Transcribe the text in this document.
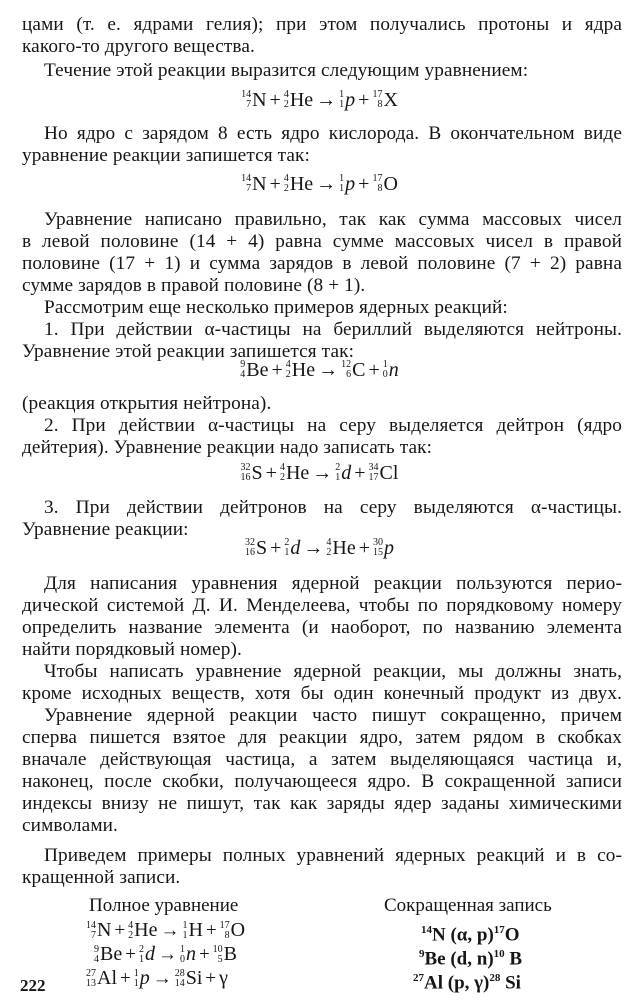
цами (т. е. ядрами гелия); при этом получались протоны и ядра
какого-то другого вещества.
Течение этой реакции выразится следующим уравнением:
14
7 N + 4
2 He → 1
1 p + 17
8 X
Но ядро с зарядом 8 есть ядро кислорода. В окончательном виде
уравнение реакции запишется так:
14
7 N + 4
2 He → 1
1 p + 17
8 O
Уравнение написано правильно, так как сумма массовых чисел
в левой половине (14 + 4) равна сумме массовых чисел в правой
половине (17 + 1) и сумма зарядов в левой половине (7 + 2) равна
сумме зарядов в правой половине (8 + 1).
Рассмотрим еще несколько примеров ядерных реакций:
1. При действии α-частицы на бериллий выделяются нейтроны.
Уравнение этой реакции запишется так:
9
4 Be + 4
2 He → 12
6 C + 1
0 n
(реакция открытия нейтрона).
2. При действии α-частицы на серу выделяется дейтрон (ядро
дейтерия). Уравнение реакции надо записать так:
32
16 S + 4
2 He → 2
1 d + 34
17 Cl
3. При действии дейтронов на серу выделяются α-частицы.
Уравнение реакции:
32
16 S + 2
1 d → 4
2 He + 30
15 p
Для написания уравнения ядерной реакции пользуются перио-
дической системой Д. И. Менделеева, чтобы по порядковому номеру
определить название элемента (и наоборот, по названию элемента
найти порядковый номер).
Чтобы написать уравнение ядерной реакции, мы должны знать,
кроме исходных веществ, хотя бы один конечный продукт из двух.
Уравнение ядерной реакции часто пишут сокращенно, причем
сперва пишется взятое для реакции ядро, затем рядом в скобках
вначале действующая частица, а затем выделяющаяся частица и,
наконец, после скобки, получающееся ядро. В сокращенной записи
индексы внизу не пишут, так как заряды ядер заданы химическими
символами.
Приведем примеры полных уравнений ядерных реакций и в со-
кращенной записи.
Полное уравнение	Сокращенная запись
14
7 N + 4
2 He → 1
1 H + 17
8 O
9
4 Be + 2
1 d → 1
0 n + 10
5 B
27
13 Al + 1
1 p → 28
14 Si + γ
$^{14}$N (α, p)$^{17}$O
$^9$Be (d, n)$^{10}$ B
$^{27}$Al (p, γ)$^{28}$ Si
222
